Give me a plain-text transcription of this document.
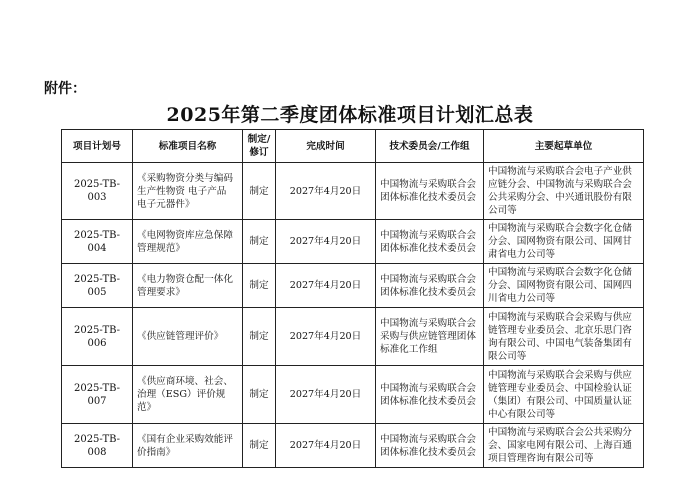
附件：
2025年第二季度团体标准项目计划汇总表
项目计划号	标准项目名称	制定/修订	完成时间	技术委员会/工作组	主要起草单位
2025-TB-003	《采购物资分类与编码 生产性物资 电子产品 电子元器件》	制定	2027年4月20日	中国物流与采购联合会团体标准化技术委员会	中国物流与采购联合会电子产业供应链分会、中国物流与采购联合会公共采购分会、中兴通讯股份有限公司等
2025-TB-004	《电网物资库应急保障管理规范》	制定	2027年4月20日	中国物流与采购联合会团体标准化技术委员会	中国物流与采购联合会数字化仓储分会、国网物资有限公司、国网甘肃省电力公司等
2025-TB-005	《电力物资仓配一体化管理要求》	制定	2027年4月20日	中国物流与采购联合会团体标准化技术委员会	中国物流与采购联合会数字化仓储分会、国网物资有限公司、国网四川省电力公司等
2025-TB-006	《供应链管理评价》	制定	2027年4月20日	中国物流与采购联合会采购与供应链管理团体标准化工作组	中国物流与采购联合会采购与供应链管理专业委员会、北京乐思门咨询有限公司、中国电气装备集团有限公司等
2025-TB-007	《供应商环境、社会、治理（ESG）评价规范》	制定	2027年4月20日	中国物流与采购联合会团体标准化技术委员会	中国物流与采购联合会采购与供应链管理专业委员会、中国检验认证（集团）有限公司、中国质量认证中心有限公司等
2025-TB-008	《国有企业采购效能评价指南》	制定	2027年4月20日	中国物流与采购联合会团体标准化技术委员会	中国物流与采购联合会公共采购分会、国家电网有限公司、上海百通项目管理咨询有限公司等
